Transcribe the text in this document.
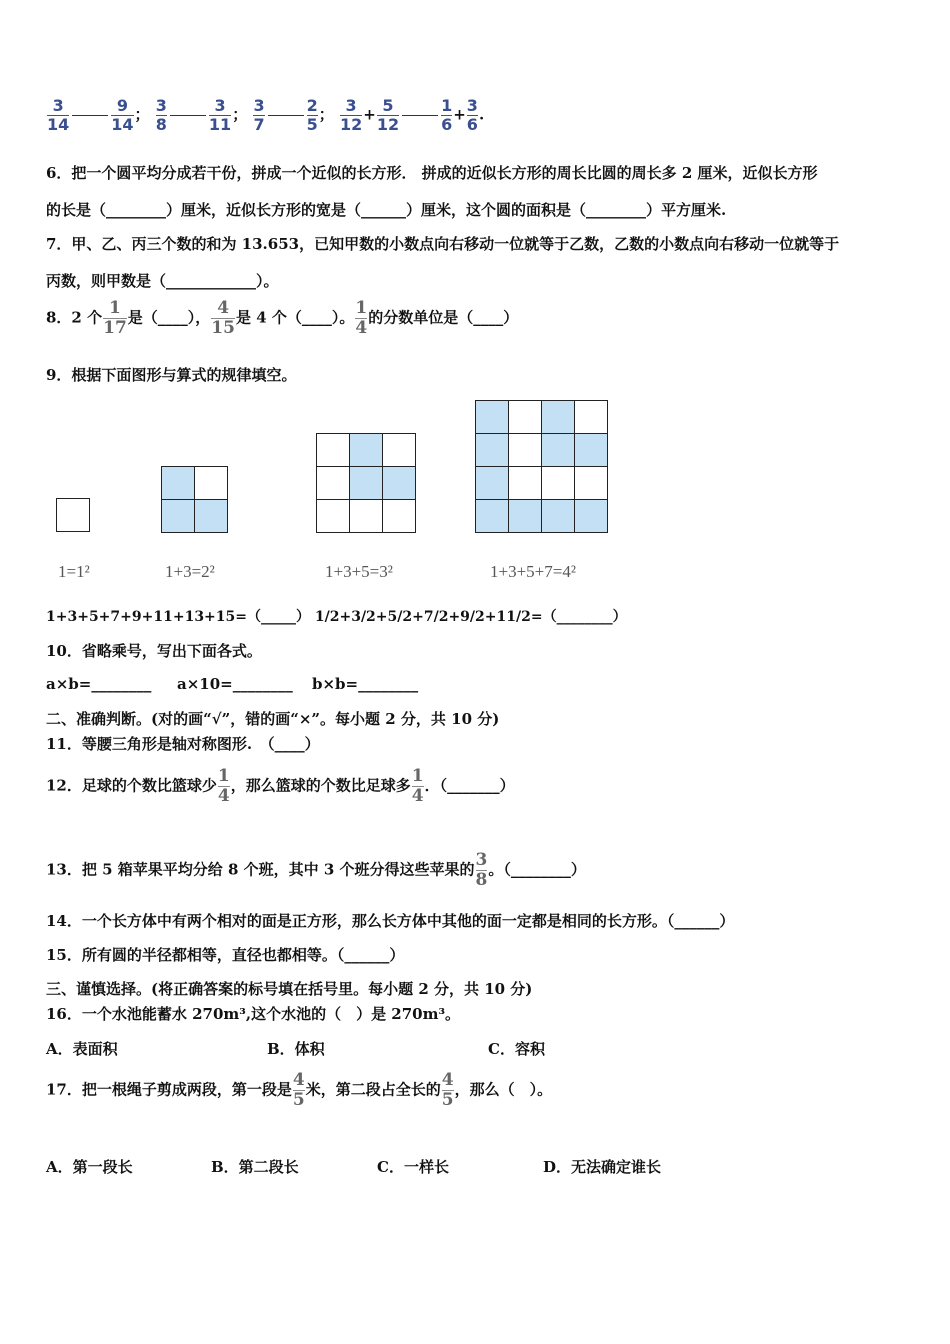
$\frac{3}{14}$	$\frac{9}{14}$ ； $\frac{3}{8}$	$\frac{3}{11}$ ； $\frac{3}{7}$	$\frac{2}{5}$ ； $\frac{3}{12} + \frac{5}{12}$	$\frac{1}{6} + \frac{3}{6}$ .
6．把一个圆平均分成若干份，拼成一个近似的长方形． 拼成的近似长方形的周长比圆的周长多 2 厘米，近似长方形
的长是（________）厘米，近似长方形的宽是（______）厘米，这个圆的面积是（________）平方厘米.
7．甲、乙、丙三个数的和为 13.653，已知甲数的小数点向右移动一位就等于乙数，乙数的小数点向右移动一位就等于
丙数，则甲数是（____________）。
8．2 个 $\frac{1}{17}$ 是（____）， $\frac{4}{15}$ 是 4 个（____）。 $\frac{1}{4}$ 的分数单位是（____）
9．根据下面图形与算式的规律填空。

1=1²	1+3=2²	1+3+5=3²	1+3+5+7=4²
1+3+5+7+9+11+13+15=（_____） 1/2+3/2+5/2+7/2+9/2+11/2=（________）
10．省略乘号，写出下面各式。
a×b=________ a×10=________ b×b=________
二、准确判断。(对的画“√”，错的画“×”。每小题 2 分，共 10 分)
11．等腰三角形是轴对称图形.　（____）
12．足球的个数比篮球少 $\frac{1}{4}$ ，那么篮球的个数比足球多 $\frac{1}{4}$ ．（_______）
13．把 5 箱苹果平均分给 8 个班，其中 3 个班分得这些苹果的 $\frac{3}{8}$ 。（________）
14．一个长方体中有两个相对的面是正方形，那么长方体中其他的面一定都是相同的长方形。（______）
15．所有圆的半径都相等，直径也都相等。（______）
三、谨慎选择。(将正确答案的标号填在括号里。每小题 2 分，共 10 分)
16．一个水池能蓄水 270m³,这个水池的（　）是 270m³。
A．表面积	B．体积	C．容积
17．把一根绳子剪成两段，第一段是 $\frac{4}{5}$ 米，第二段占全长的 $\frac{4}{5}$ ，那么（　）。
A．第一段长	B．第二段长	C．一样长	D．无法确定谁长
